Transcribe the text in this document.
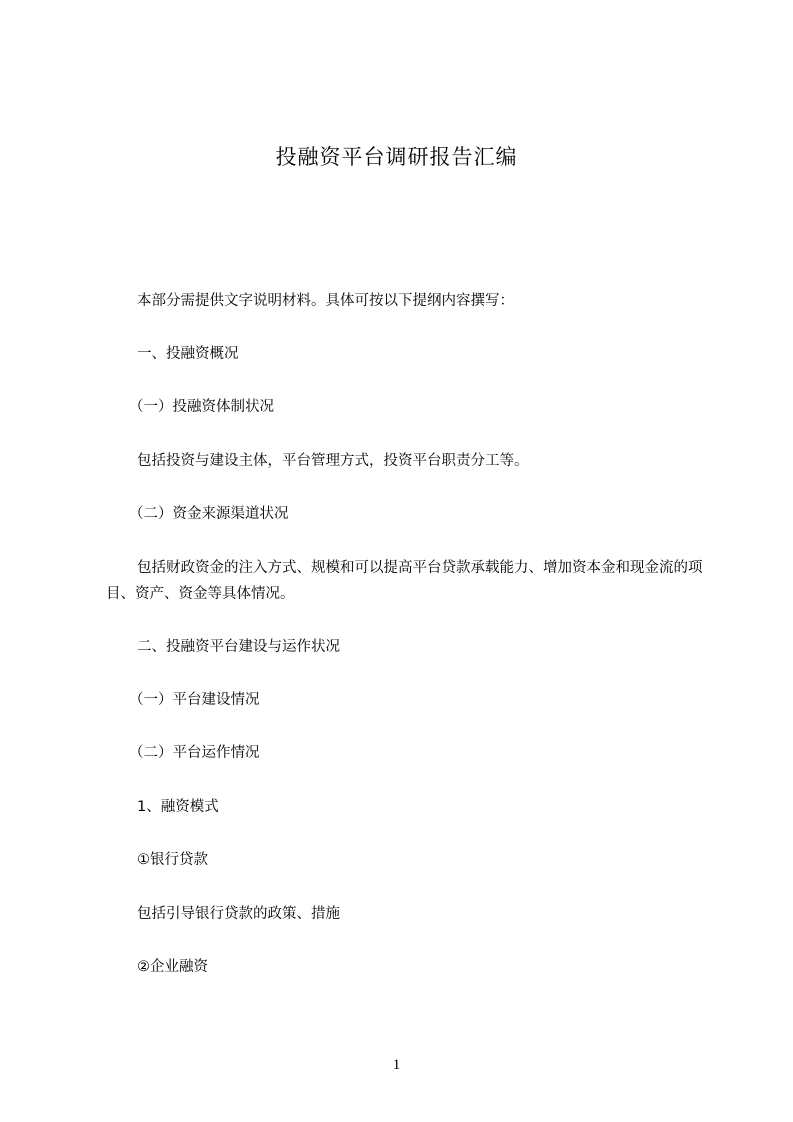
投融资平台调研报告汇编
本部分需提供文字说明材料。具体可按以下提纲内容撰写：
一、投融资概况
（一）投融资体制状况
包括投资与建设主体，平台管理方式，投资平台职责分工等。
（二）资金来源渠道状况
包括财政资金的注入方式、规模和可以提高平台贷款承载能力、增加资本金和现金流的项目、资产、资金等具体情况。
二、投融资平台建设与运作状况
（一）平台建设情况
（二）平台运作情况
1、融资模式
①银行贷款
包括引导银行贷款的政策、措施
②企业融资
1
